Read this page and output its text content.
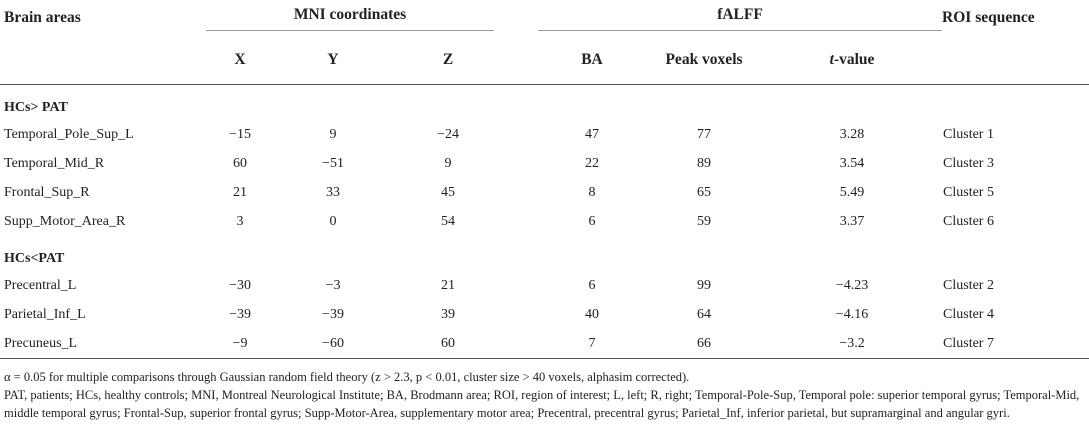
Brain areas	MNI coordinates				fALFF			ROI sequence
	X	Y	Z		BA	Peak voxels	t-value	
HCs> PAT								
Temporal_Pole_Sup_L	−15	9	−24		47	77	3.28	Cluster 1
Temporal_Mid_R	60	−51	9		22	89	3.54	Cluster 3
Frontal_Sup_R	21	33	45		8	65	5.49	Cluster 5
Supp_Motor_Area_R	3	0	54		6	59	3.37	Cluster 6
HCs<PAT								
Precentral_L	−30	−3	21		6	99	−4.23	Cluster 2
Parietal_Inf_L	−39	−39	39		40	64	−4.16	Cluster 4
Precuneus_L	−9	−60	60		7	66	−3.2	Cluster 7

α = 0.05 for multiple comparisons through Gaussian random field theory (z > 2.3, p < 0.01, cluster size > 40 voxels, alphasim corrected).

PAT, patients; HCs, healthy controls; MNI, Montreal Neurological Institute; BA, Brodmann area; ROI, region of interest; L, left; R, right; Temporal-Pole-Sup, Temporal pole: superior temporal gyrus; Temporal-Mid, middle temporal gyrus; Frontal-Sup, superior frontal gyrus; Supp-Motor-Area, supplementary motor area; Precentral, precentral gyrus; Parietal_Inf, inferior parietal, but supramarginal and angular gyri.
